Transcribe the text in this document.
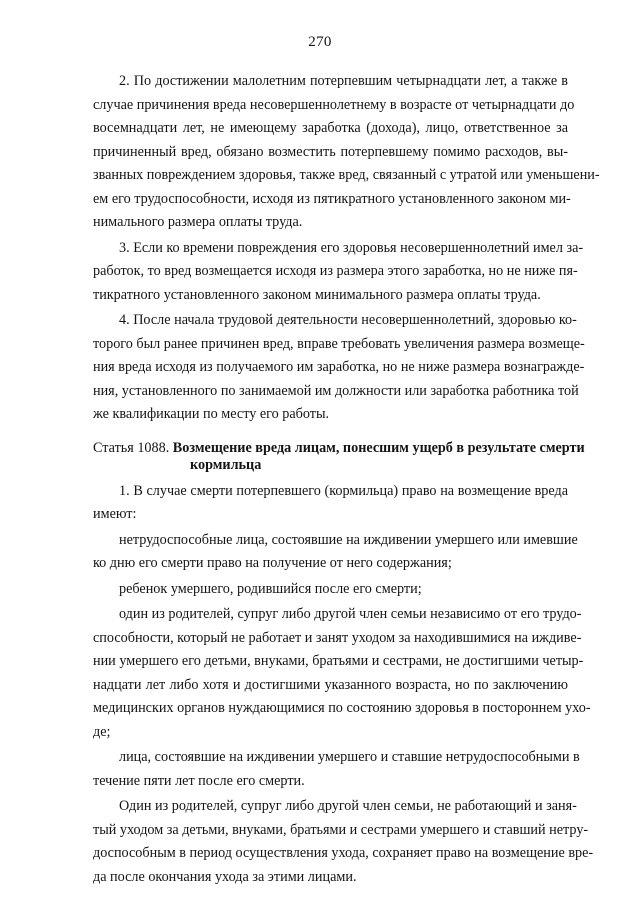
270
2. По достижении малолетним потерпевшим четырнадцати лет, а также в
случае причинения вреда несовершеннолетнему в возрасте от четырнадцати до
восемнадцати лет, не имеющему заработка (дохода), лицо, ответственное за
причиненный вред, обязано возместить потерпевшему помимо расходов, вы-
званных повреждением здоровья, также вред, связанный с утратой или уменьшени-
ем его трудоспособности, исходя из пятикратного установленного законом ми-
нимального размера оплаты труда.
3. Если ко времени повреждения его здоровья несовершеннолетний имел за-
работок, то вред возмещается исходя из размера этого заработка, но не ниже пя-
тикратного установленного законом минимального размера оплаты труда.
4. После начала трудовой деятельности несовершеннолетний, здоровью ко-
торого был ранее причинен вред, вправе требовать увеличения размера возмеще-
ния вреда исходя из получаемого им заработка, но не ниже размера вознагражде-
ния, установленного по занимаемой им должности или заработка работника той
же квалификации по месту его работы.
Статья 1088. Возмещение вреда лицам, понесшим ущерб в результате смерти
кормильца
1. В случае смерти потерпевшего (кормильца) право на возмещение вреда
имеют:
нетрудоспособные лица, состоявшие на иждивении умершего или имевшие
ко дню его смерти право на получение от него содержания;
ребенок умершего, родившийся после его смерти;
один из родителей, супруг либо другой член семьи независимо от его трудо-
способности, который не работает и занят уходом за находившимися на иждиве-
нии умершего его детьми, внуками, братьями и сестрами, не достигшими четыр-
надцати лет либо хотя и достигшими указанного возраста, но по заключению
медицинских органов нуждающимися по состоянию здоровья в постороннем ухо-
де;
лица, состоявшие на иждивении умершего и ставшие нетрудоспособными в
течение пяти лет после его смерти.
Один из родителей, супруг либо другой член семьи, не работающий и заня-
тый уходом за детьми, внуками, братьями и сестрами умершего и ставший нетру-
доспособным в период осуществления ухода, сохраняет право на возмещение вре-
да после окончания ухода за этими лицами.
